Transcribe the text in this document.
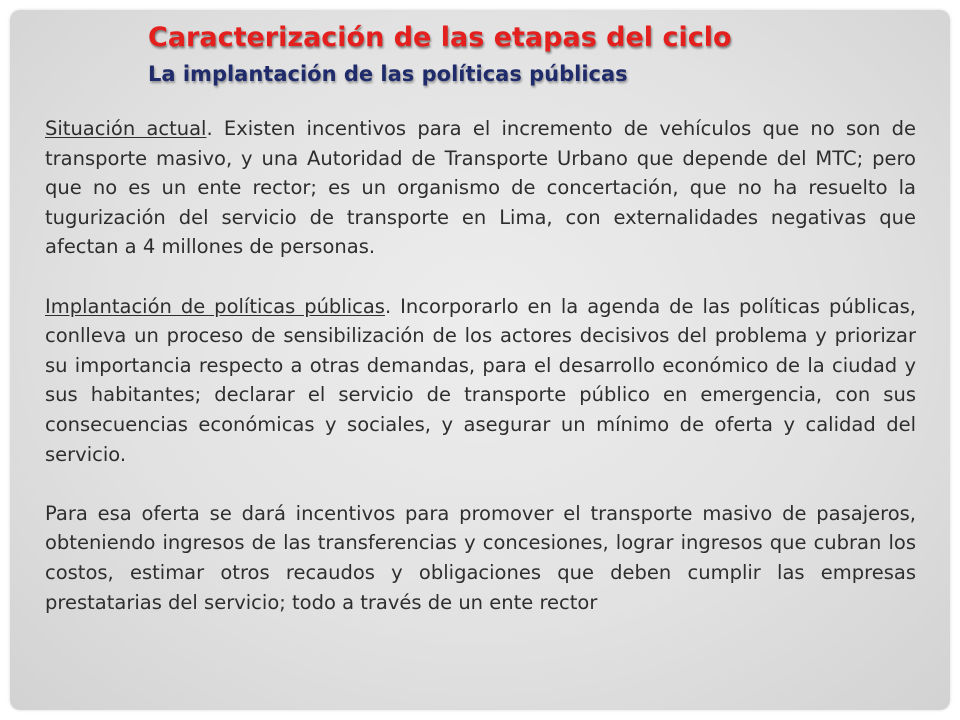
Caracterización de las etapas del ciclo
La implantación de las políticas públicas

Situación actual. Existen incentivos para el incremento de vehículos que no son de transporte masivo, y una Autoridad de Transporte Urbano que depende del MTC; pero que no es un ente rector; es un organismo de concertación, que no ha resuelto la tugurización del servicio de transporte en Lima, con externalidades negativas que afectan a 4 millones de personas.

Implantación de políticas públicas. Incorporarlo en la agenda de las políticas públicas, conlleva un proceso de sensibilización de los actores decisivos del problema y priorizar su importancia respecto a otras demandas, para el desarrollo económico de la ciudad y sus habitantes; declarar el servicio de transporte público en emergencia, con sus consecuencias económicas y sociales, y asegurar un mínimo de oferta y calidad del servicio.

Para esa oferta se dará incentivos para promover el transporte masivo de pasajeros, obteniendo ingresos de las transferencias y concesiones, lograr ingresos que cubran los costos, estimar otros recaudos y obligaciones que deben cumplir las empresas prestatarias del servicio; todo a través de un ente rector
